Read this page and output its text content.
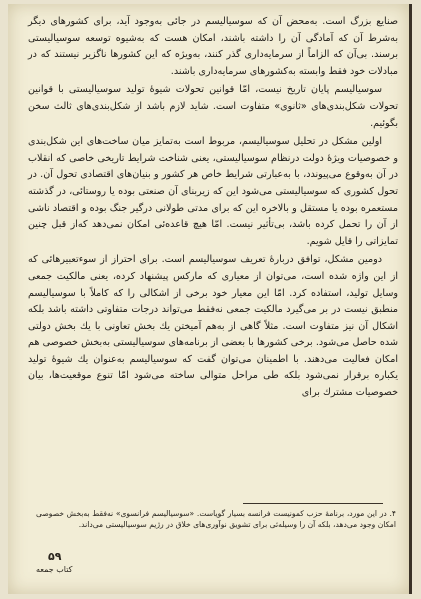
صنایع بزرگ است. به‌محض آن که سوسیالیسم در جائی به‌وجود آید، برای کشورهای دیگر به‌شرط آن که آمادگی آن را داشته باشند، امکان هست که به‌شیوه توسعه سوسیالیستی برسند. بی‌آن که الزاماً از سرمایه‌داری گذر کنند، به‌ویژه که این کشورها ناگزیر نیستند که در مبادلات خود فقط وابسته به‌کشورهای سرمایه‌داری باشند.

سوسیالیسم پایان تاریخ نیست، امّا قوانین تحولات شیوهٔ تولید سوسیالیستی با قوانین تحولات شکل‌بندی‌های «ثانوی» متفاوت است. شاید لازم باشد از شکل‌بندی‌های ثالث سخن بگوئیم.

اولین مشکل در تحلیل سوسیالیسم، مربوط است به‌تمایز میان ساخت‌های این شکل‌بندی و خصوصیات ویژهٔ دولت درنظام سوسیالیستی، یعنی شناخت شرایط تاریخی خاصی که انقلاب در آن به‌وقوع می‌پیوندد، با به‌عبارتی شرایط خاص هر کشور و بنیان‌های اقتصادی تحول آن. در تحول کشوری که سوسیالیستی می‌شود این که زیربنای آن صنعتی بوده یا روستائی، در گذشته مستعمره بوده یا مستقل و بالاخره این که برای مدتی طولانی درگیر جنگ بوده و اقتصاد ناشی از آن را تحمل کرده باشد، بی‌تأثیر نیست. امّا هیچ قاعده‌ئی امکان نمی‌دهد که‌از قبل چنین تمایزاتی را قایل شویم.

دومین مشکل، توافق دربارهٔ تعریف سوسیالیسم است. برای احتراز از سوءتعبیرهائی که از این واژه شده است، می‌توان از معیاری که مارکس پیشنهاد کرده، یعنی مالکیت جمعی وسایل تولید، استفاده کرد. امّا این معیار خود برخی از اشکالی را که کاملاً با سوسیالیسم منطبق نیست در بر می‌گیرد مالکیت جمعی نه‌فقط می‌تواند درجات متفاوتی داشته باشد بلکه اشکال آن نیز متفاوت است. مثلاً گاهی از به‌هم آمیختن یك بخش تعاونی با یك بخش دولتی شده حاصل می‌شود. برخی کشورها با بعضی از برنامه‌های سوسیالیستی به‌بخش خصوصی هم امکان فعالیت می‌دهند. با اطمینان می‌توان گفت که سوسیالیسم به‌عنوان یك شیوهٔ تولید یکباره برقرار نمی‌شود بلکه طی مراحل متوالی ساخته می‌شود امّا تنوع موقعیت‌ها، بیان خصوصیات مشترك برای

۴. در این مورد، برنامهٔ حزب کمونیست فرانسه بسیار گویاست. «سوسیالیسم فرانسوی» نه‌فقط به‌بخش خصوصی امکان وجود می‌دهد، بلکه آن را وسیله‌ئی برای تشویق نوآوری‌های خلاق در رژیم سوسیالیستی می‌داند.
۵۹
کتاب جمعه
